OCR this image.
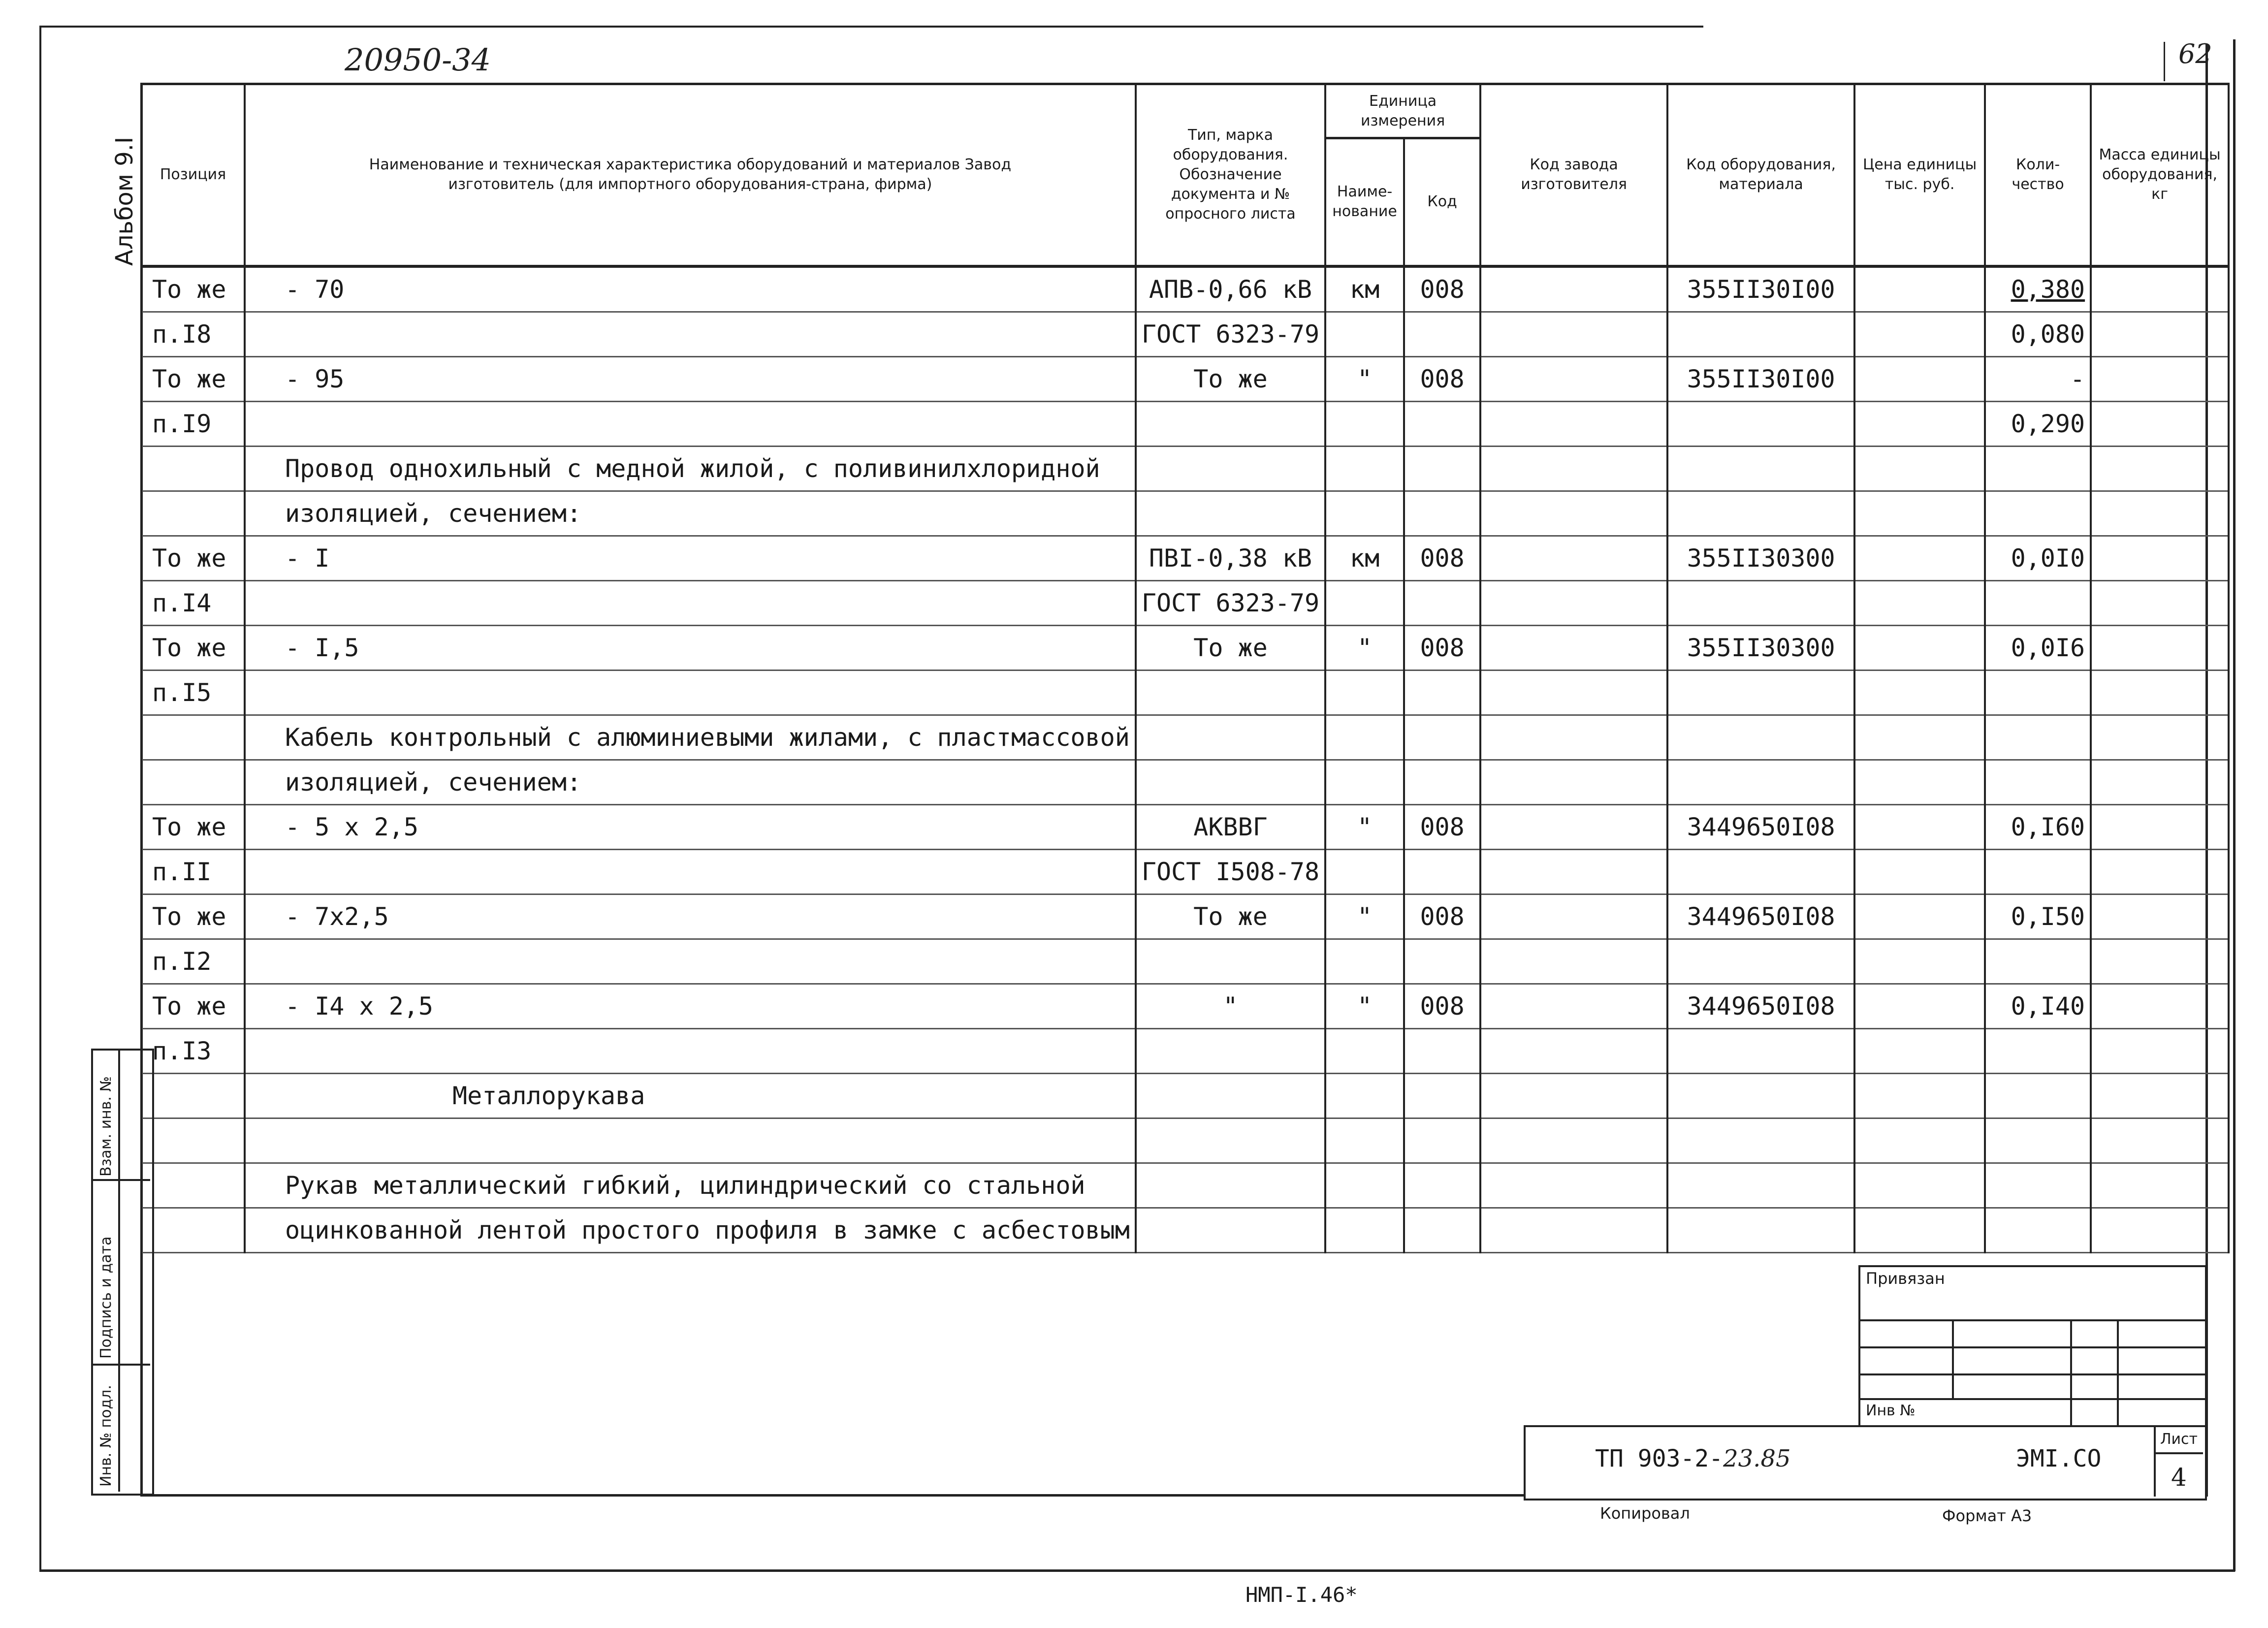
20950-34	62
Альбом 9.I Позиция	Наименование и техническая характеристика оборудований и материалов Завод изготовитель (для импортного оборудования-страна, фирма)	Тип, марка оборудования. Обозначение документа и № опросного листа	Единица измерения		Код завода изготовителя	Код оборудования, материала	Цена единицы тыс. руб.	Коли-чество	Масса единицы оборудования, кг
			Наиме-нование	Код					
То же	- 70	АПВ-0,66 кВ	км	008		355II30I00		0,380	
п.I8		ГОСТ 6323-79						0,080	
То же	- 95	То же	"	008		355II30I00		-	
п.I9								0,290	
	Провод однохильный с медной жилой, с поливинилхлоридной								
	изоляцией, сечением:								
То же	- I	ПВI-0,38 кВ	км	008		355II30300		0,0I0	
п.I4		ГОСТ 6323-79							
То же	- I,5	То же	"	008		355II30300		0,0I6	
п.I5									
	Кабель контрольный с алюминиевыми жилами, с пластмассовой								
	изоляцией, сечением:								
То же	- 5 x 2,5	АКВВГ	"	008		3449650I08		0,I60	
п.II		ГОСТ I508-78							
То же	- 7x2,5	То же	"	008		3449650I08		0,I50	
п.I2									
То же	- I4 x 2,5	"	"	008		3449650I08		0,I40	
п.I3									
	Металлорукава								

	Рукав металлический гибкий, цилиндрический со стальной								
	оцинкованной лентой простого профиля в замке с асбестовым								
Взам. инв. №
Подпись и дата
Инв. № подл.
Привязан
Инв №
ТП 903-2-23.85	ЭМI.СО
Лист
4
Копировал	Формат А3
НМП-I.46*
